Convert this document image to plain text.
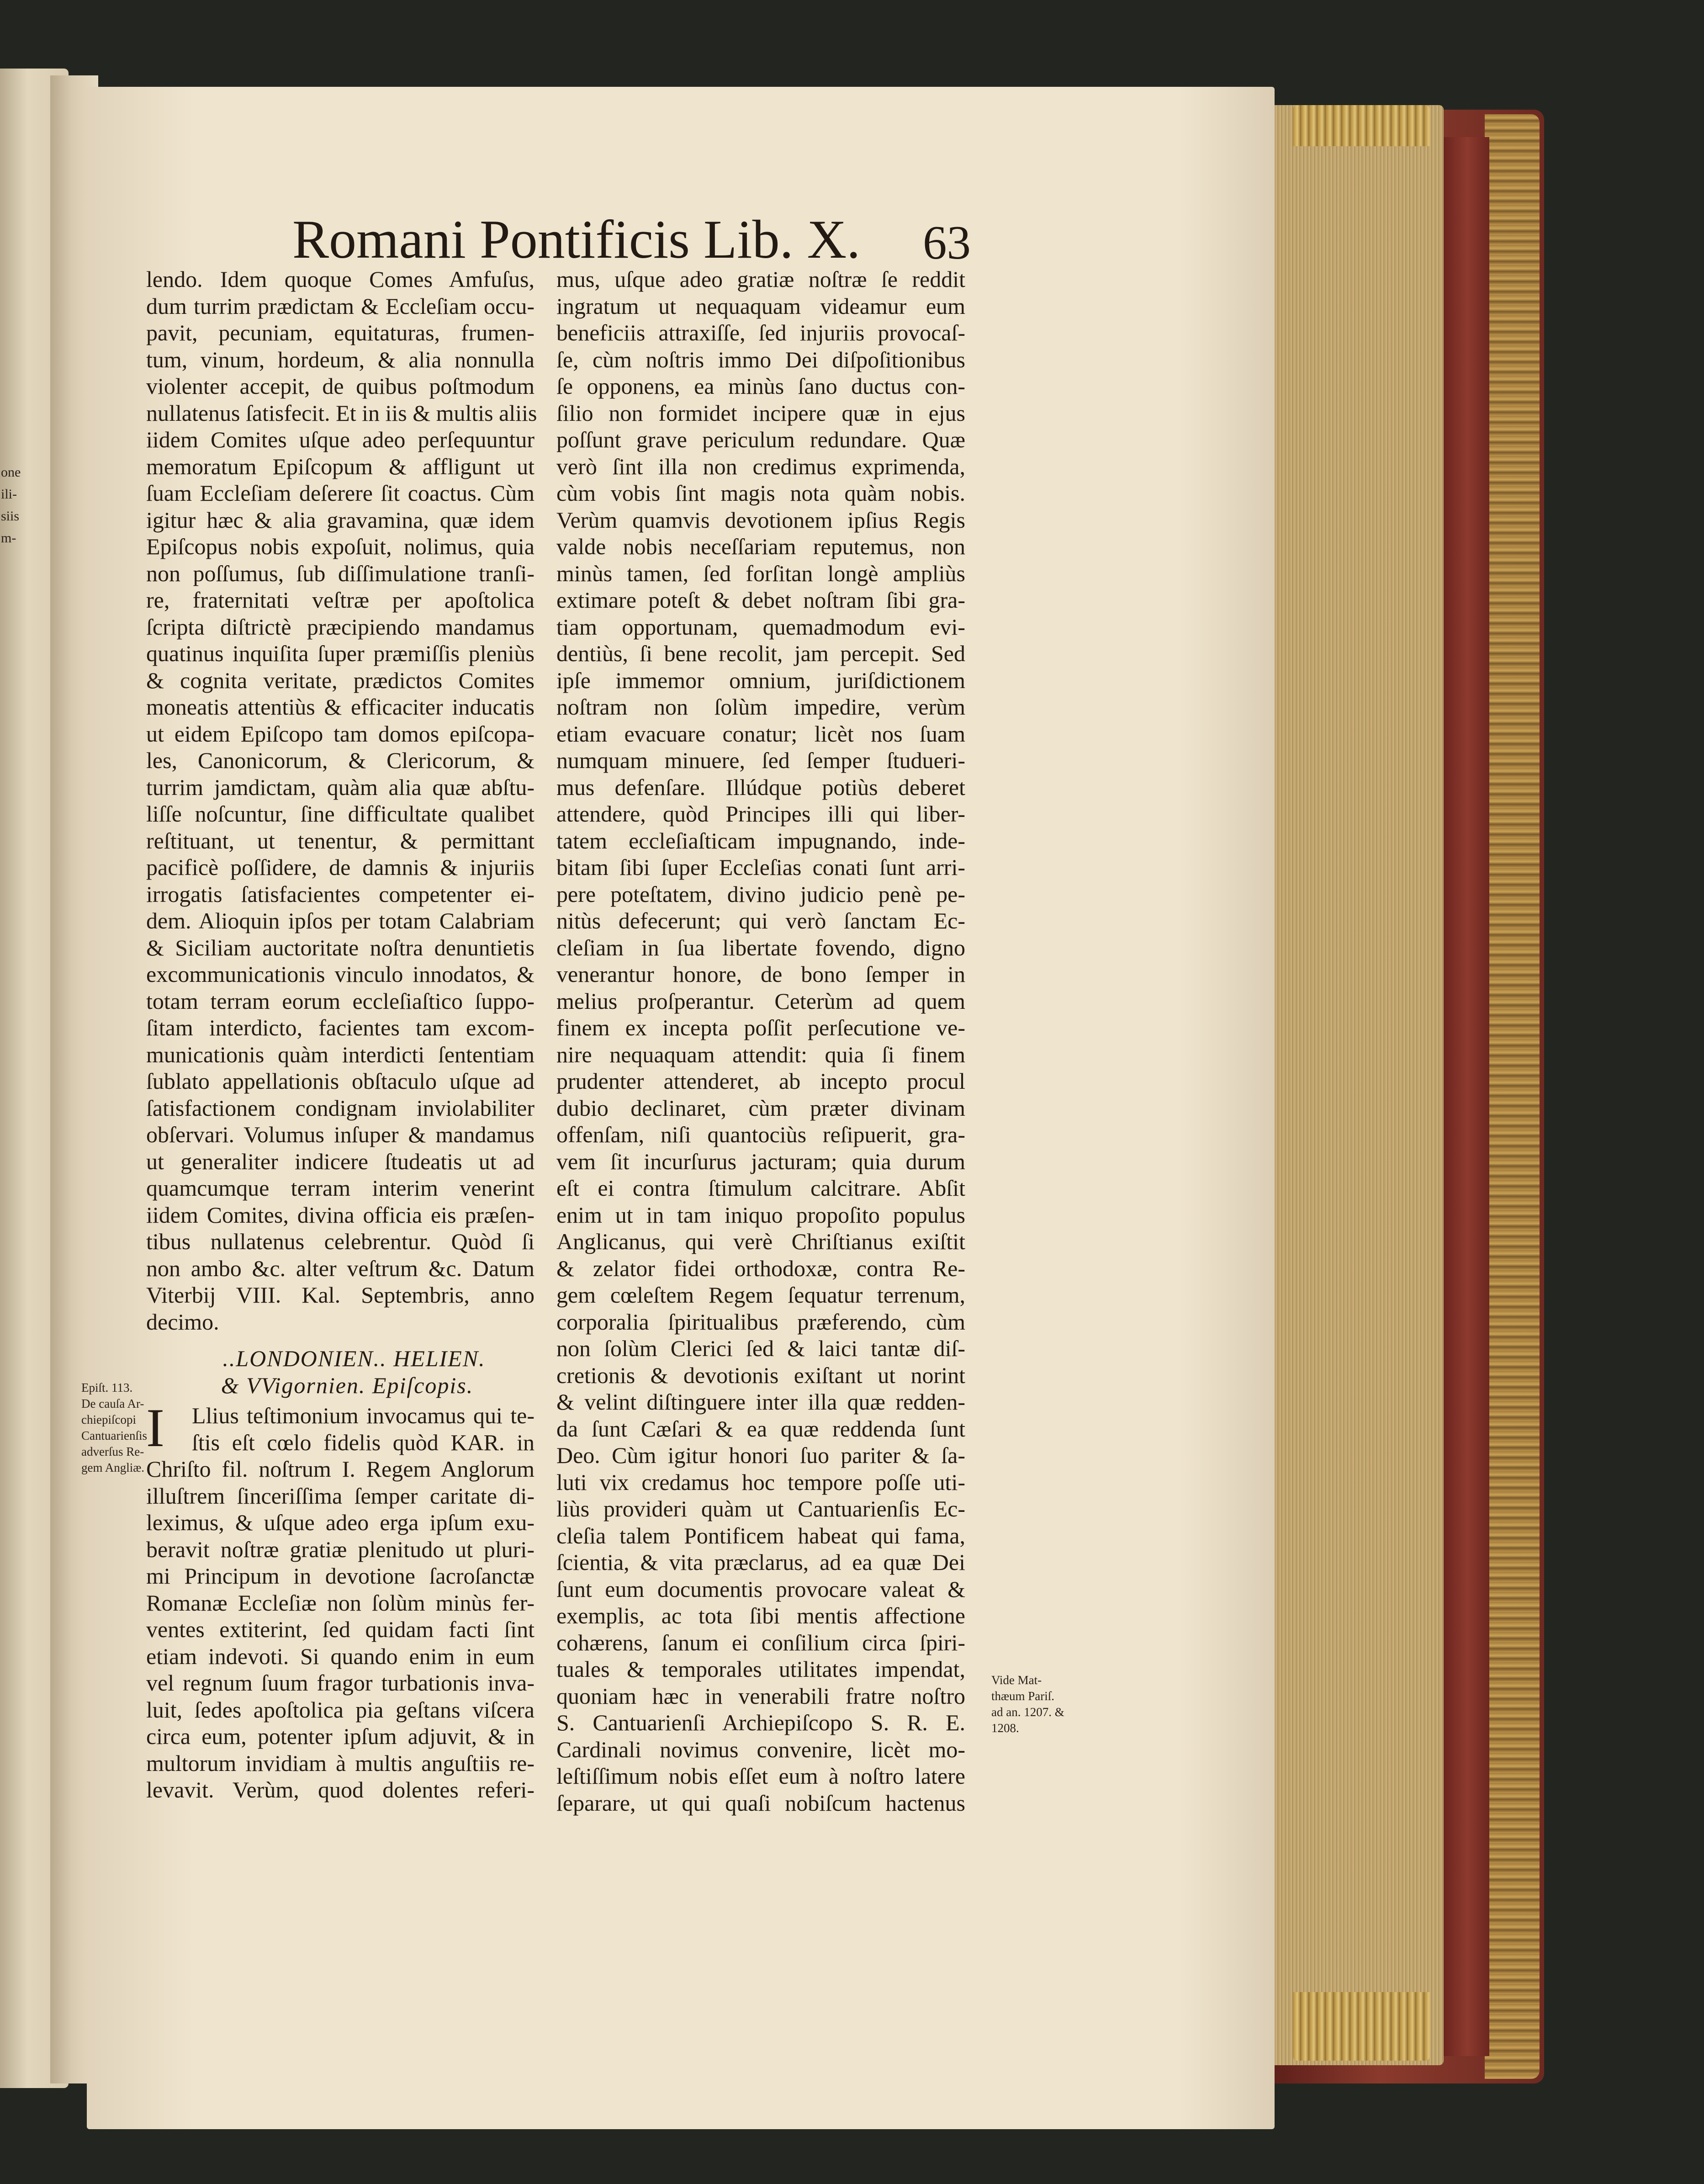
one
ili-
siis
m-
Romani Pontificis Lib. X.	63
lendo. Idem quoque Comes Amfuſus,
dum turrim prædictam & Eccleſiam occu-
pavit, pecuniam, equitaturas, frumen-
tum, vinum, hordeum, & alia nonnulla
violenter accepit, de quibus poſtmodum
nullatenus ſatisfecit. Et in iis & multis aliis
iidem Comites uſque adeo perſequuntur
memoratum Epiſcopum & affligunt ut
ſuam Eccleſiam deſerere ſit coactus. Cùm
igitur hæc & alia gravamina, quæ idem
Epiſcopus nobis expoſuit, nolimus, quia
non poſſumus, ſub diſſimulatione tranſi-
re, fraternitati veſtræ per apoſtolica
ſcripta diſtrictè præcipiendo mandamus
quatinus inquiſita ſuper præmiſſis pleniùs
& cognita veritate, prædictos Comites
moneatis attentiùs & efficaciter inducatis
ut eidem Epiſcopo tam domos epiſcopa-
les, Canonicorum, & Clericorum, &
turrim jamdictam, quàm alia quæ abſtu-
liſſe noſcuntur, ſine difficultate qualibet
reſtituant, ut tenentur, & permittant
pacificè poſſidere, de damnis & injuriis
irrogatis ſatisfacientes competenter ei-
dem. Alioquin ipſos per totam Calabriam
& Siciliam auctoritate noſtra denuntietis
excommunicationis vinculo innodatos, &
totam terram eorum eccleſiaſtico ſuppo-
ſitam interdicto, facientes tam excom-
municationis quàm interdicti ſententiam
ſublato appellationis obſtaculo uſque ad
ſatisfactionem condignam inviolabiliter
obſervari. Volumus inſuper & mandamus
ut generaliter indicere ſtudeatis ut ad
quamcumque terram interim venerint
iidem Comites, divina officia eis præſen-
tibus nullatenus celebrentur. Quòd ſi
non ambo &c. alter veſtrum &c. Datum
Viterbij VIII. Kal. Septembris, anno
decimo.
..LONDONIEN.. HELIEN.
& VVigornien. Epiſcopis.
Llius teſtimonium invocamus qui te-
ſtis eſt cœlo fidelis quòd KAR. in
Chriſto fil. noſtrum I. Regem Anglorum
illuſtrem ſinceriſſima ſemper caritate di-
leximus, & uſque adeo erga ipſum exu-
beravit noſtræ gratiæ plenitudo ut pluri-
mi Principum in devotione ſacroſanctæ
Romanæ Eccleſiæ non ſolùm minùs fer-
ventes extiterint, ſed quidam facti ſint
etiam indevoti. Si quando enim in eum
vel regnum ſuum fragor turbationis inva-
luit, ſedes apoſtolica pia geſtans viſcera
circa eum, potenter ipſum adjuvit, & in
multorum invidiam à multis anguſtiis re-
levavit. Verùm, quod dolentes referi-
I
mus, uſque adeo gratiæ noſtræ ſe reddit
ingratum ut nequaquam videamur eum
beneficiis attraxiſſe, ſed injuriis provocaſ-
ſe, cùm noſtris immo Dei diſpoſitionibus
ſe opponens, ea minùs ſano ductus con-
ſilio non formidet incipere quæ in ejus
poſſunt grave periculum redundare. Quæ
verò ſint illa non credimus exprimenda,
cùm vobis ſint magis nota quàm nobis.
Verùm quamvis devotionem ipſius Regis
valde nobis neceſſariam reputemus, non
minùs tamen, ſed forſitan longè ampliùs
extimare poteſt & debet noſtram ſibi gra-
tiam opportunam, quemadmodum evi-
dentiùs, ſi bene recolit, jam percepit. Sed
ipſe immemor omnium, juriſdictionem
noſtram non ſolùm impedire, verùm
etiam evacuare conatur; licèt nos ſuam
numquam minuere, ſed ſemper ſtudueri-
mus defenſare. Illúdque potiùs deberet
attendere, quòd Principes illi qui liber-
tatem eccleſiaſticam impugnando, inde-
bitam ſibi ſuper Eccleſias conati ſunt arri-
pere poteſtatem, divino judicio penè pe-
nitùs defecerunt; qui verò ſanctam Ec-
cleſiam in ſua libertate fovendo, digno
venerantur honore, de bono ſemper in
melius proſperantur. Ceterùm ad quem
finem ex incepta poſſit perſecutione ve-
nire nequaquam attendit: quia ſi finem
prudenter attenderet, ab incepto procul
dubio declinaret, cùm præter divinam
offenſam, niſi quantociùs reſipuerit, gra-
vem ſit incurſurus jacturam; quia durum
eſt ei contra ſtimulum calcitrare. Abſit
enim ut in tam iniquo propoſito populus
Anglicanus, qui verè Chriſtianus exiſtit
& zelator fidei orthodoxæ, contra Re-
gem cœleſtem Regem ſequatur terrenum,
corporalia ſpiritualibus præferendo, cùm
non ſolùm Clerici ſed & laici tantæ diſ-
cretionis & devotionis exiſtant ut norint
& velint diſtinguere inter illa quæ redden-
da ſunt Cæſari & ea quæ reddenda ſunt
Deo. Cùm igitur honori ſuo pariter & ſa-
luti vix credamus hoc tempore poſſe uti-
liùs provideri quàm ut Cantuarienſis Ec-
cleſia talem Pontificem habeat qui fama,
ſcientia, & vita præclarus, ad ea quæ Dei
ſunt eum documentis provocare valeat &
exemplis, ac tota ſibi mentis affectione
cohærens, ſanum ei conſilium circa ſpiri-
tuales & temporales utilitates impendat,
quoniam hæc in venerabili fratre noſtro
S. Cantuarienſi Archiepiſcopo S. R. E.
Cardinali novimus convenire, licèt mo-
leſtiſſimum nobis eſſet eum à noſtro latere
ſeparare, ut qui quaſi nobiſcum hactenus
Epiſt. 113.
De cauſa Ar-
chiepiſcopi
Cantuarienſis
adverſus Re-
gem Angliæ.
Vide Mat-
thæum Pariſ.
ad an. 1207. &
1208.
